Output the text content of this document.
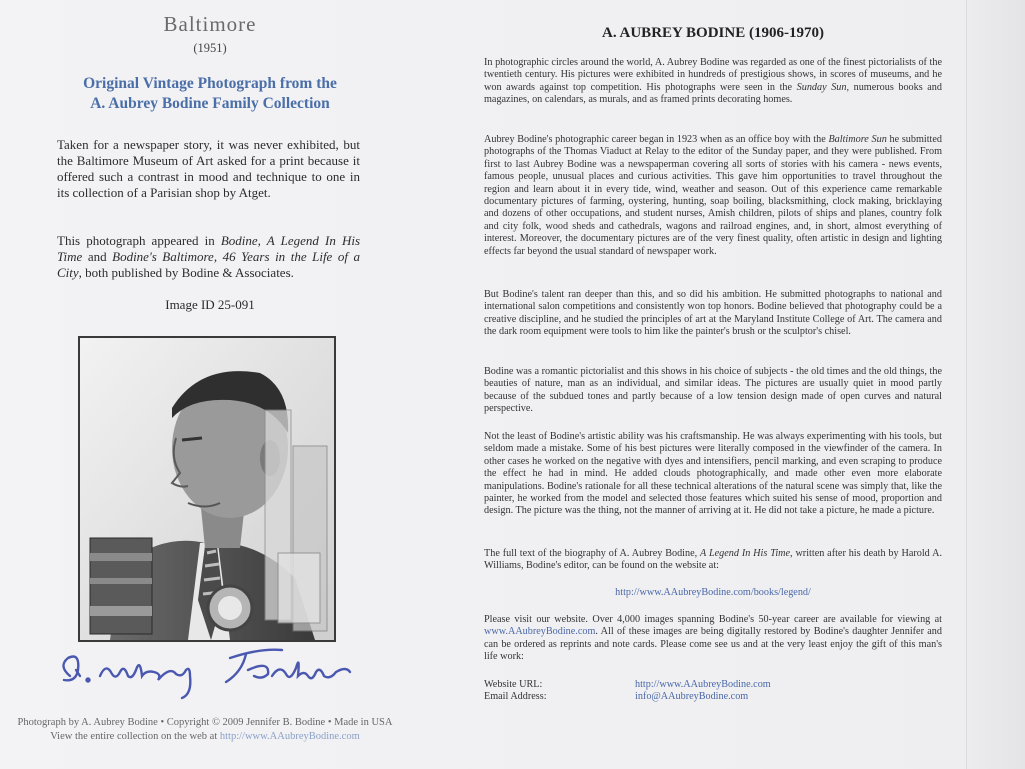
Baltimore
(1951)
Original Vintage Photograph from the
A. Aubrey Bodine Family Collection

Taken for a newspaper story, it was never exhibited, but the Baltimore Museum of Art asked for a print because it offered such a contrast in mood and technique to one in its collection of a Parisian shop by Atget.

This photograph appeared in Bodine, A Legend In His Time and Bodine's Baltimore, 46 Years in the Life of a City, both published by Bodine & Associates.

Image ID 25-091
Photograph by A. Aubrey Bodine • Copyright © 2009 Jennifer B. Bodine • Made in USA
View the entire collection on the web at http://www.AAubreyBodine.com
A. AUBREY BODINE (1906-1970)

In photographic circles around the world, A. Aubrey Bodine was regarded as one of the finest pictorialists of the twentieth century. His pictures were exhibited in hundreds of prestigious shows, in scores of museums, and he won awards against top competition. His photographs were seen in the Sunday Sun, numerous books and magazines, on calendars, as murals, and as framed prints decorating homes.

Aubrey Bodine's photographic career began in 1923 when as an office boy with the Baltimore Sun he submitted photographs of the Thomas Viaduct at Relay to the editor of the Sunday paper, and they were published. From first to last Aubrey Bodine was a newspaperman covering all sorts of stories with his camera - news events, famous people, unusual places and curious activities. This gave him opportunities to travel throughout the region and learn about it in every tide, wind, weather and season. Out of this experience came remarkable documentary pictures of farming, oystering, hunting, soap boiling, blacksmithing, clock making, bricklaying and dozens of other occupations, and student nurses, Amish children, pilots of ships and planes, country folk and city folk, wood sheds and cathedrals, wagons and railroad engines, and, in short, almost everything of interest. Moreover, the documentary pictures are of the very finest quality, often artistic in design and lighting effects far beyond the usual standard of newspaper work.

But Bodine's talent ran deeper than this, and so did his ambition. He submitted photographs to national and international salon competitions and consistently won top honors. Bodine believed that photography could be a creative discipline, and he studied the principles of art at the Maryland Institute College of Art. The camera and the dark room equipment were tools to him like the painter's brush or the sculptor's chisel.

Bodine was a romantic pictorialist and this shows in his choice of subjects - the old times and the old things, the beauties of nature, man as an individual, and similar ideas. The pictures are usually quiet in mood partly because of the subdued tones and partly because of a low tension design made of open curves and natural perspective.

Not the least of Bodine's artistic ability was his craftsmanship. He was always experimenting with his tools, but seldom made a mistake. Some of his best pictures were literally composed in the viewfinder of the camera. In other cases he worked on the negative with dyes and intensifiers, pencil marking, and even scraping to produce the effect he had in mind. He added clouds photographically, and made other even more elaborate manipulations. Bodine's rationale for all these technical alterations of the natural scene was simply that, like the painter, he worked from the model and selected those features which suited his sense of mood, proportion and design. The picture was the thing, not the manner of arriving at it. He did not take a picture, he made a picture.

The full text of the biography of A. Aubrey Bodine, A Legend In His Time, written after his death by Harold A. Williams, Bodine's editor, can be found on the website at:

http://www.AAubreyBodine.com/books/legend/

Please visit our website. Over 4,000 images spanning Bodine's 50-year career are available for viewing at www.AAubreyBodine.com. All of these images are being digitally restored by Bodine's daughter Jennifer and can be ordered as reprints and note cards. Please come see us and at the very least enjoy the gift of this man's life work:

Website URL:	http://www.AAubreyBodine.com
Email Address:	info@AAubreyBodine.com
